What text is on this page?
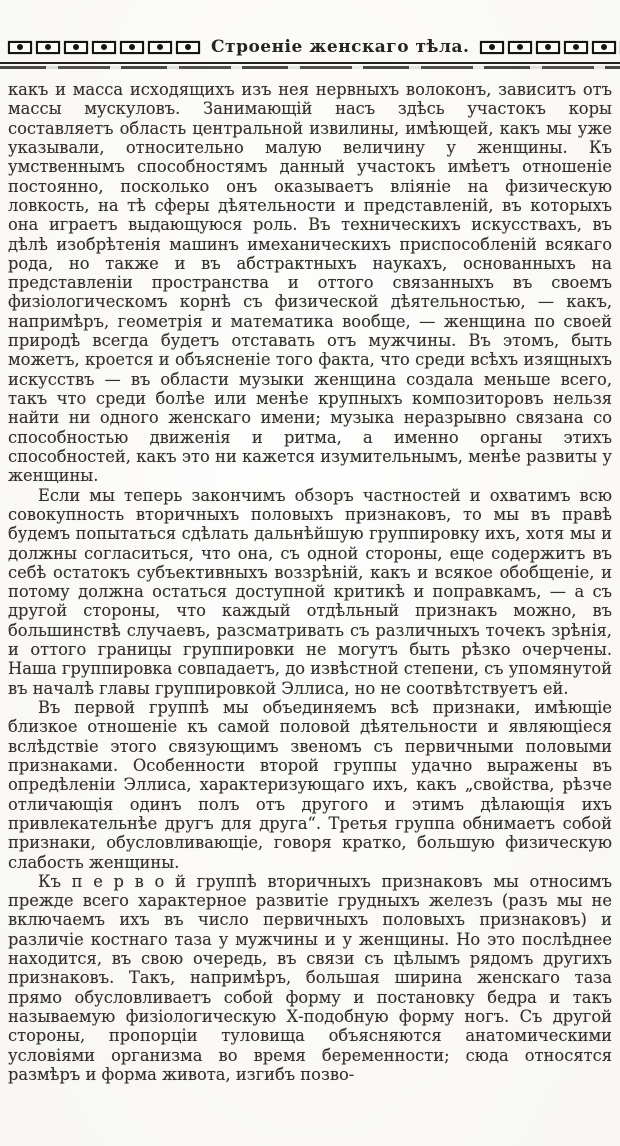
Строеніе женскаго тѣла.

какъ и масса исходящихъ изъ нея нервныхъ волоконъ, зависитъ отъ массы мускуловъ. Занимающій насъ здѣсь участокъ коры составляетъ область центральной извилины, имѣющей, какъ мы уже указывали, относительно малую величину у женщины. Къ умственнымъ способностямъ данный участокъ имѣетъ отношеніе постоянно, посколько онъ оказываетъ вліяніе на физическую ловкость, на тѣ сферы дѣятельности и представленій, въ которыхъ она играетъ выдающуюся роль. Въ техническихъ искусствахъ, въ дѣлѣ изобрѣтенія машинъ имеханическихъ приспособленій всякаго рода, но также и въ абстрактныхъ наукахъ, основанныхъ на представленіи пространства и оттого связанныхъ въ своемъ физіологическомъ корнѣ съ физической дѣятельностью, — какъ, напримѣръ, геометрія и математика вообще, — женщина по своей природѣ всегда будетъ отставать отъ мужчины. Въ этомъ, быть можетъ, кроется и объясненіе того факта, что среди всѣхъ изящныхъ искусствъ — въ области музыки женщина создала меньше всего, такъ что среди болѣе или менѣе крупныхъ композиторовъ нельзя найти ни одного женскаго имени; музыка неразрывно связана со способностью движенія и ритма, а именно органы этихъ способностей, какъ это ни кажется изумительнымъ, менѣе развиты у женщины.

Если мы теперь закончимъ обзоръ частностей и охватимъ всю совокупность вторичныхъ половыхъ признаковъ, то мы въ правѣ будемъ попытаться сдѣлать дальнѣйшую группировку ихъ, хотя мы и должны согласиться, что она, съ одной стороны, еще содержитъ въ себѣ остатокъ субъективныхъ воззрѣній, какъ и всякое обобщеніе, и потому должна остаться доступной критикѣ и поправкамъ, — а съ другой стороны, что каждый отдѣльный признакъ можно, въ большинствѣ случаевъ, разсматривать съ различныхъ точекъ зрѣнія, и оттого границы группировки не могутъ быть рѣзко очерчены. Наша группировка совпадаетъ, до извѣстной степени, съ упомянутой въ началѣ главы группировкой Эллиса, но не соотвѣтствуетъ ей.

Въ первой группѣ мы объединяемъ всѣ признаки, имѣющіе близкое отношеніе къ самой половой дѣятельности и являющіеся вслѣдствіе этого связующимъ звеномъ съ первичными половыми признаками. Особенности второй группы удачно выражены въ опредѣленіи Эллиса, характеризующаго ихъ, какъ „свойства, рѣзче отличающія одинъ полъ отъ другого и этимъ дѣлающія ихъ привлекательнѣе другъ для друга“. Третья группа обнимаетъ собой признаки, обусловливающіе, говоря кратко, большую физическую слабость женщины.

Къ п е р в о й группѣ вторичныхъ признаковъ мы относимъ прежде всего характерное развитіе грудныхъ железъ (разъ мы не включаемъ ихъ въ число первичныхъ половыхъ признаковъ) и различіе костнаго таза у мужчины и у женщины. Но это послѣднее находится, въ свою очередь, въ связи съ цѣлымъ рядомъ другихъ признаковъ. Такъ, напримѣръ, большая ширина женскаго таза прямо обусловливаетъ собой форму и постановку бедра и такъ называемую физіологическую Х-подобную форму ногъ. Съ другой стороны, пропорціи туловища объясняются анатомическими условіями организма во время беременности; сюда относятся размѣръ и форма живота, изгибъ позво-
